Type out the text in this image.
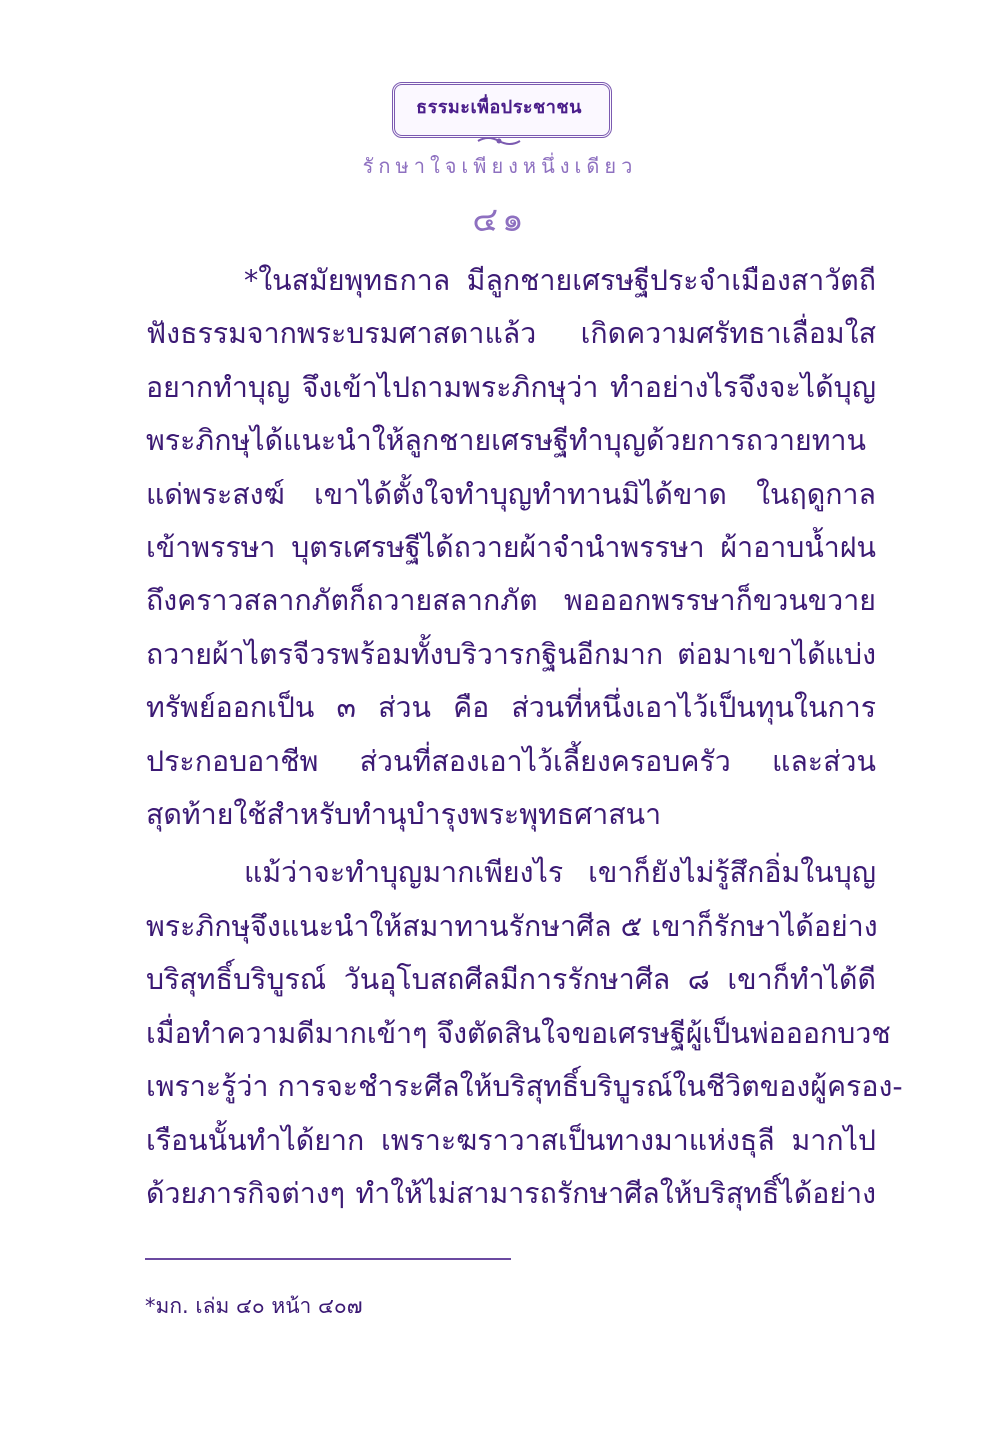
ธรรมะเพื่อประชาชน
รักษาใจเพียงหนึ่งเดียว
๔๑

*ในสมัยพุทธกาล มีลูกชายเศรษฐีประจำเมืองสาวัตถี
ฟังธรรมจากพระบรมศาสดาแล้ว เกิดความศรัทธาเลื่อมใส
อยากทำบุญ จึงเข้าไปถามพระภิกษุว่า ทำอย่างไรจึงจะได้บุญ
พระภิกษุได้แนะนำให้ลูกชายเศรษฐีทำบุญด้วยการถวายทาน
แด่พระสงฆ์ เขาได้ตั้งใจทำบุญทำทานมิได้ขาด ในฤดูกาล
เข้าพรรษา บุตรเศรษฐีได้ถวายผ้าจำนำพรรษา ผ้าอาบน้ำฝน
ถึงคราวสลากภัตก็ถวายสลากภัต พอออกพรรษาก็ขวนขวาย
ถวายผ้าไตรจีวรพร้อมทั้งบริวารกฐินอีกมาก ต่อมาเขาได้แบ่ง
ทรัพย์ออกเป็น ๓ ส่วน คือ ส่วนที่หนึ่งเอาไว้เป็นทุนในการ
ประกอบอาชีพ ส่วนที่สองเอาไว้เลี้ยงครอบครัว และส่วน
สุดท้ายใช้สำหรับทำนุบำรุงพระพุทธศาสนา

แม้ว่าจะทำบุญมากเพียงไร เขาก็ยังไม่รู้สึกอิ่มในบุญ
พระภิกษุจึงแนะนำให้สมาทานรักษาศีล ๕ เขาก็รักษาได้อย่าง
บริสุทธิ์บริบูรณ์ วันอุโบสถศีลมีการรักษาศีล ๘ เขาก็ทำได้ดี
เมื่อทำความดีมากเข้าๆ จึงตัดสินใจขอเศรษฐีผู้เป็นพ่อออกบวช
เพราะรู้ว่า การจะชำระศีลให้บริสุทธิ์บริบูรณ์ในชีวิตของผู้ครอง-
เรือนนั้นทำได้ยาก เพราะฆราวาสเป็นทางมาแห่งธุลี มากไป
ด้วยภารกิจต่างๆ ทำให้ไม่สามารถรักษาศีลให้บริสุทธิ์ได้อย่าง

*มก. เล่ม ๔๐ หน้า ๔๐๗
